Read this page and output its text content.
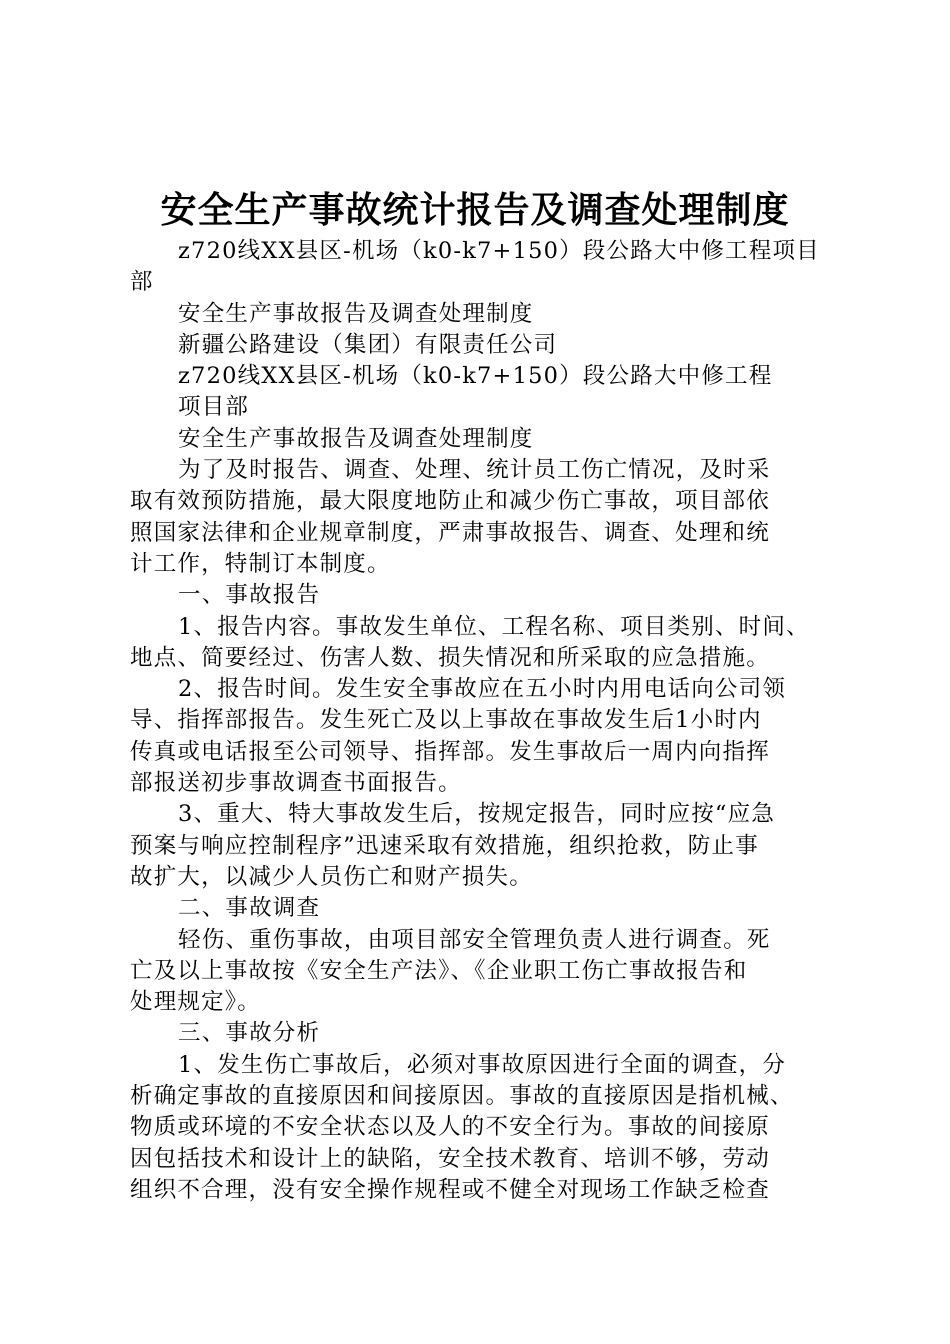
安全生产事故统计报告及调查处理制度
z720线XX县区-机场（k0-k7+150）段公路大中修工程项目
部
安全生产事故报告及调查处理制度
新疆公路建设（集团）有限责任公司
z720线XX县区-机场（k0-k7+150）段公路大中修工程
项目部
安全生产事故报告及调查处理制度
为了及时报告、调查、处理、统计员工伤亡情况，及时采
取有效预防措施，最大限度地防止和减少伤亡事故，项目部依
照国家法律和企业规章制度，严肃事故报告、调查、处理和统
计工作，特制订本制度。
一、事故报告
1、报告内容。事故发生单位、工程名称、项目类别、时间、
地点、简要经过、伤害人数、损失情况和所采取的应急措施。
2、报告时间。发生安全事故应在五小时内用电话向公司领
导、指挥部报告。发生死亡及以上事故在事故发生后1小时内
传真或电话报至公司领导、指挥部。发生事故后一周内向指挥
部报送初步事故调查书面报告。
3、重大、特大事故发生后，按规定报告，同时应按“应急
预案与响应控制程序”迅速采取有效措施，组织抢救，防止事
故扩大，以减少人员伤亡和财产损失。
二、事故调查
轻伤、重伤事故，由项目部安全管理负责人进行调查。死
亡及以上事故按《安全生产法》、《企业职工伤亡事故报告和
处理规定》。
三、事故分析
1、发生伤亡事故后，必须对事故原因进行全面的调查，分
析确定事故的直接原因和间接原因。事故的直接原因是指机械、
物质或环境的不安全状态以及人的不安全行为。事故的间接原
因包括技术和设计上的缺陷，安全技术教育、培训不够，劳动
组织不合理，没有安全操作规程或不健全对现场工作缺乏检查
